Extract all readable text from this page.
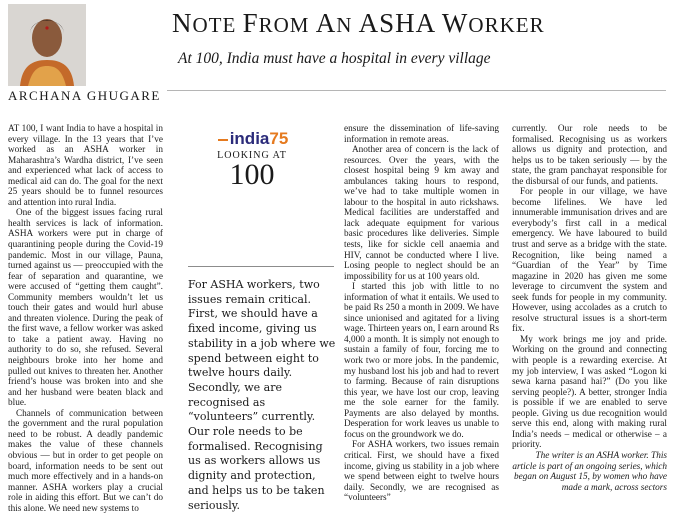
NOTE FROM AN ASHA WORKER
At 100, India must have a hospital in every village
ARCHANA GHUGARE

AT 100, I want India to have a hospital in every village. In the 13 years that I’ve worked as an ASHA worker in Maharashtra’s Wardha district, I’ve seen and experienced what lack of access to medical aid can do. The goal for the next 25 years should be to funnel resources and attention into rural India.

One of the biggest issues facing rural health services is lack of information. ASHA workers were put in charge of quarantining people during the Covid-19 pandemic. Most in our village, Pauna, turned against us — preoccupied with the fear of separation and quarantine, we were accused of “getting them caught”. Community members wouldn’t let us touch their gates and would hurl abuse and threaten violence. During the peak of the first wave, a fellow worker was asked to take a patient away. Having no authority to do so, she refused. Several neighbours broke into her home and pulled out knives to threaten her. Another friend’s house was broken into and she and her husband were beaten black and blue.

Channels of communication between the government and the rural population need to be robust. A deadly pandemic makes the value of these channels obvious — but in order to get people on board, information needs to be sent out much more effectively and in a hands-on manner. ASHA workers play a crucial role in aiding this effort. But we can’t do this alone. We need new systems to

india75
LOOKING AT
100
For ASHA workers, two issues remain critical. First, we should have a fixed income, giving us stability in a job where we spend between eight to twelve hours daily. Secondly, we are recognised as “volunteers” currently. Our role needs to be formalised. Recognising us as workers allows us dignity and protection, and helps us to be taken seriously.

ensure the dissemination of life-saving information in remote areas.

Another area of concern is the lack of resources. Over the years, with the closest hospital being 9 km away and ambulances taking hours to respond, we’ve had to take multiple women in labour to the hospital in auto rickshaws. Medical facilities are understaffed and lack adequate equipment for various basic procedures like deliveries. Simple tests, like for sickle cell anaemia and HIV, cannot be conducted where I live. Losing people to neglect should be an impossibility for us at 100 years old.

I started this job with little to no information of what it entails. We used to be paid Rs 250 a month in 2009. We have since unionised and agitated for a living wage. Thirteen years on, I earn around Rs 4,000 a month. It is simply not enough to sustain a family of four, forcing me to work two or more jobs. In the pandemic, my husband lost his job and had to revert to farming. Because of rain disruptions this year, we have lost our crop, leaving me the sole earner for the family. Payments are also delayed by months. Desperation for work leaves us unable to focus on the groundwork we do.

For ASHA workers, two issues remain critical. First, we should have a fixed income, giving us stability in a job where we spend between eight to twelve hours daily. Secondly, we are recognised as “volunteers”

currently. Our role needs to be formalised. Recognising us as workers allows us dignity and protection, and helps us to be taken seriously — by the state, the gram panchayat responsible for the disbursal of our funds, and patients.

For people in our village, we have become lifelines. We have led innumerable immunisation drives and are everybody’s first call in a medical emergency. We have laboured to build trust and serve as a bridge with the state. Recognition, like being named a “Guardian of the Year” by Time magazine in 2020 has given me some leverage to circumvent the system and seek funds for people in my community. However, using accolades as a crutch to resolve structural issues is a short-term fix.

My work brings me joy and pride. Working on the ground and connecting with people is a rewarding exercise. At my job interview, I was asked “Logon ki sewa karna pasand hai?” (Do you like serving people?). A better, stronger India is possible if we are enabled to serve people. Giving us due recognition would serve this end, along with making rural India’s needs – medical or otherwise – a priority.

The writer is an ASHA worker. This article is part of an ongoing series, which began on August 15, by women who have made a mark, across sectors
